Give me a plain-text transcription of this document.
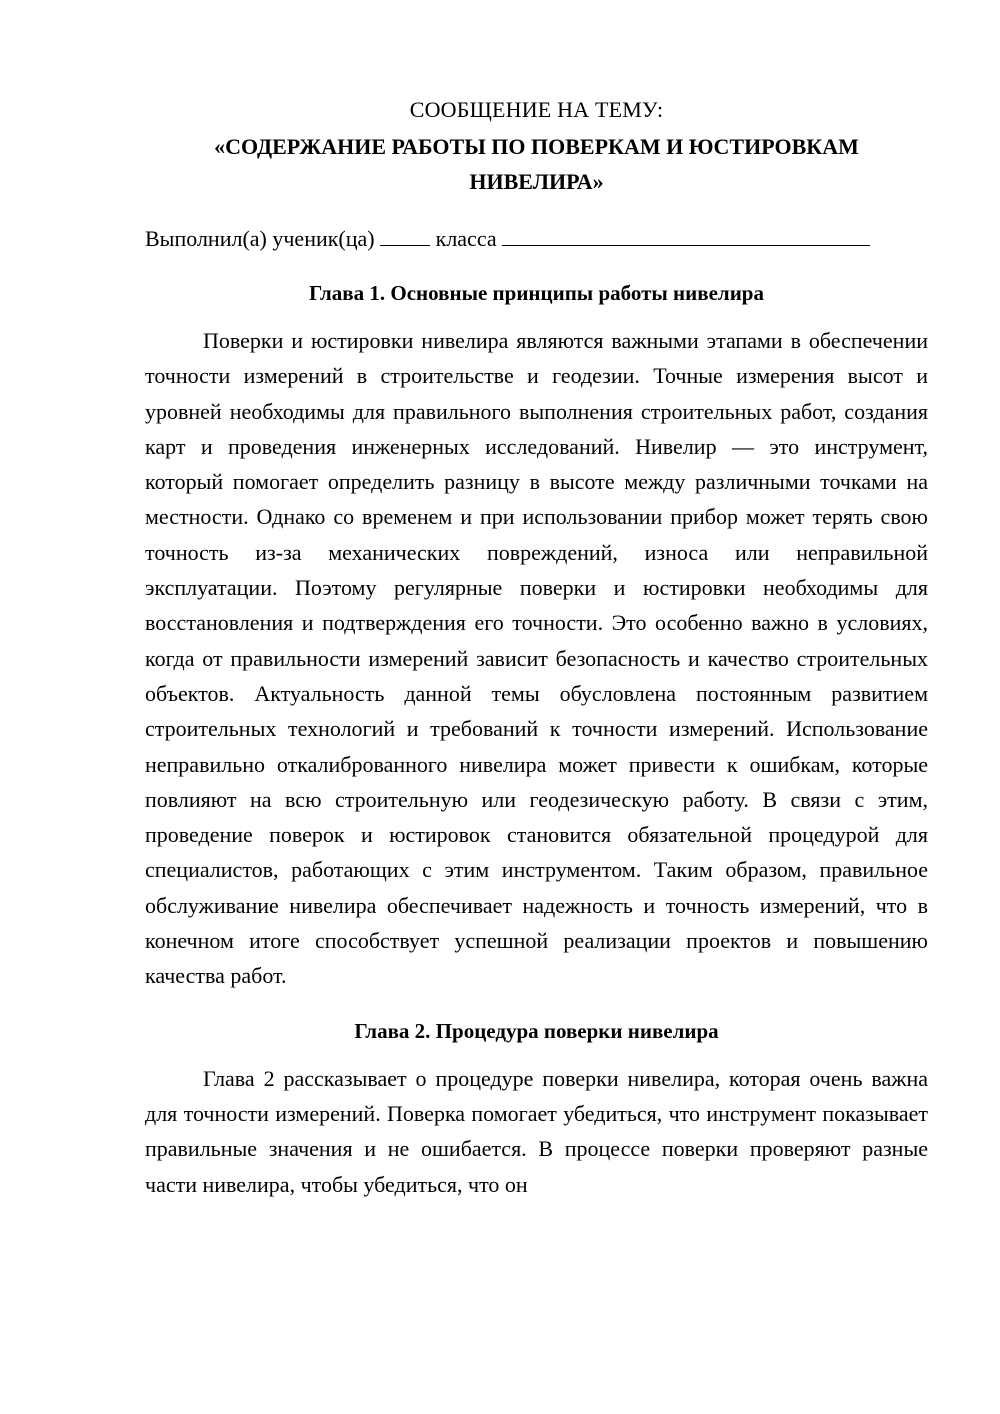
СООБЩЕНИЕ НА ТЕМУ:

«СОДЕРЖАНИЕ РАБОТЫ ПО ПОВЕРКАМ И ЮСТИРОВКАМ НИВЕЛИРА»

Выполнил(а) ученик(ца)	класса

Глава 1. Основные принципы работы нивелира

Поверки и юстировки нивелира являются важными этапами в обеспечении точности измерений в строительстве и геодезии. Точные измерения высот и уровней необходимы для правильного выполнения строительных работ, создания карт и проведения инженерных исследований. Нивелир — это инструмент, который помогает определить разницу в высоте между различными точками на местности. Однако со временем и при использовании прибор может терять свою точность из-за механических повреждений, износа или неправильной эксплуатации. Поэтому регулярные поверки и юстировки необходимы для восстановления и подтверждения его точности. Это особенно важно в условиях, когда от правильности измерений зависит безопасность и качество строительных объектов. Актуальность данной темы обусловлена постоянным развитием строительных технологий и требований к точности измерений. Использование неправильно откалиброванного нивелира может привести к ошибкам, которые повлияют на всю строительную или геодезическую работу. В связи с этим, проведение поверок и юстировок становится обязательной процедурой для специалистов, работающих с этим инструментом. Таким образом, правильное обслуживание нивелира обеспечивает надежность и точность измерений, что в конечном итоге способствует успешной реализации проектов и повышению качества работ.

Глава 2. Процедура поверки нивелира

Глава 2 рассказывает о процедуре поверки нивелира, которая очень важна для точности измерений. Поверка помогает убедиться, что инструмент показывает правильные значения и не ошибается. В процессе поверки проверяют разные части нивелира, чтобы убедиться, что он
